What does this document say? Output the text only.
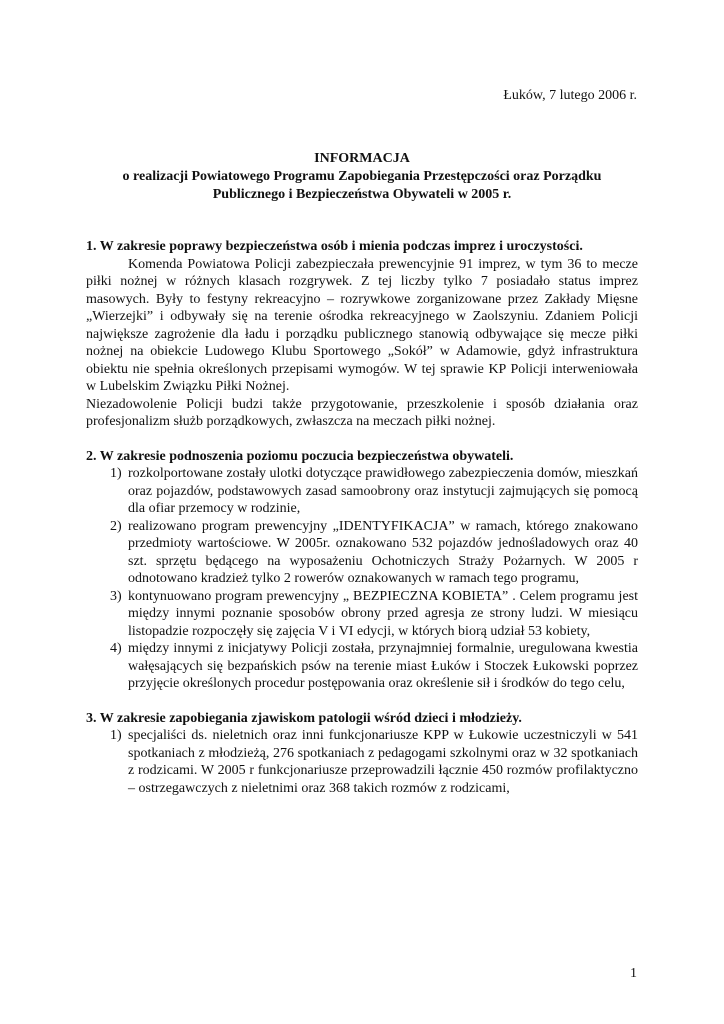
Łuków, 7 lutego 2006 r.
INFORMACJA
o realizacji Powiatowego Programu Zapobiegania Przestępczości oraz Porządku
Publicznego i Bezpieczeństwa Obywateli w 2005 r.

1. W zakresie poprawy bezpieczeństwa osób i mienia podczas imprez i uroczystości.

Komenda Powiatowa Policji zabezpieczała prewencyjnie 91 imprez, w tym 36 to mecze piłki nożnej w różnych klasach rozgrywek. Z tej liczby tylko 7 posiadało status imprez masowych. Były to festyny rekreacyjno – rozrywkowe zorganizowane przez Zakłady Mięsne „Wierzejki” i odbywały się na terenie ośrodka rekreacyjnego w Zaolszyniu. Zdaniem Policji największe zagrożenie dla ładu i porządku publicznego stanowią odbywające się mecze piłki nożnej na obiekcie Ludowego Klubu Sportowego „Sokół” w Adamowie, gdyż infrastruktura obiektu nie spełnia określonych przepisami wymogów. W tej sprawie KP Policji interweniowała w Lubelskim Związku Piłki Nożnej.

Niezadowolenie Policji budzi także przygotowanie, przeszkolenie i sposób działania oraz profesjonalizm służb porządkowych, zwłaszcza na meczach piłki nożnej.

2. W zakresie podnoszenia poziomu poczucia bezpieczeństwa obywateli.

1) rozkolportowane zostały ulotki dotyczące prawidłowego zabezpieczenia domów, mieszkań oraz pojazdów, podstawowych zasad samoobrony oraz instytucji zajmujących się pomocą dla ofiar przemocy w rodzinie,
2) realizowano program prewencyjny „IDENTYFIKACJA” w ramach, którego znakowano przedmioty wartościowe. W 2005r. oznakowano 532 pojazdów jednośladowych oraz 40 szt. sprzętu będącego na wyposażeniu Ochotniczych Straży Pożarnych. W 2005 r odnotowano kradzież tylko 2 rowerów oznakowanych w ramach tego programu,
3) kontynuowano program prewencyjny „ BEZPIECZNA KOBIETA” . Celem programu jest między innymi poznanie sposobów obrony przed agresja ze strony ludzi. W miesiącu listopadzie rozpoczęły się zajęcia V i VI edycji, w których biorą udział 53 kobiety,
4) między innymi z inicjatywy Policji została, przynajmniej formalnie, uregulowana kwestia wałęsających się bezpańskich psów na terenie miast Łuków i Stoczek Łukowski poprzez przyjęcie określonych procedur postępowania oraz określenie sił i środków do tego celu,

3. W zakresie zapobiegania zjawiskom patologii wśród dzieci i młodzieży.

1) specjaliści ds. nieletnich oraz inni funkcjonariusze KPP w Łukowie uczestniczyli w 541 spotkaniach z młodzieżą, 276 spotkaniach z pedagogami szkolnymi oraz w 32 spotkaniach z rodzicami. W 2005 r funkcjonariusze przeprowadzili łącznie 450 rozmów profilaktyczno – ostrzegawczych z nieletnimi oraz 368 takich rozmów z rodzicami,
1
